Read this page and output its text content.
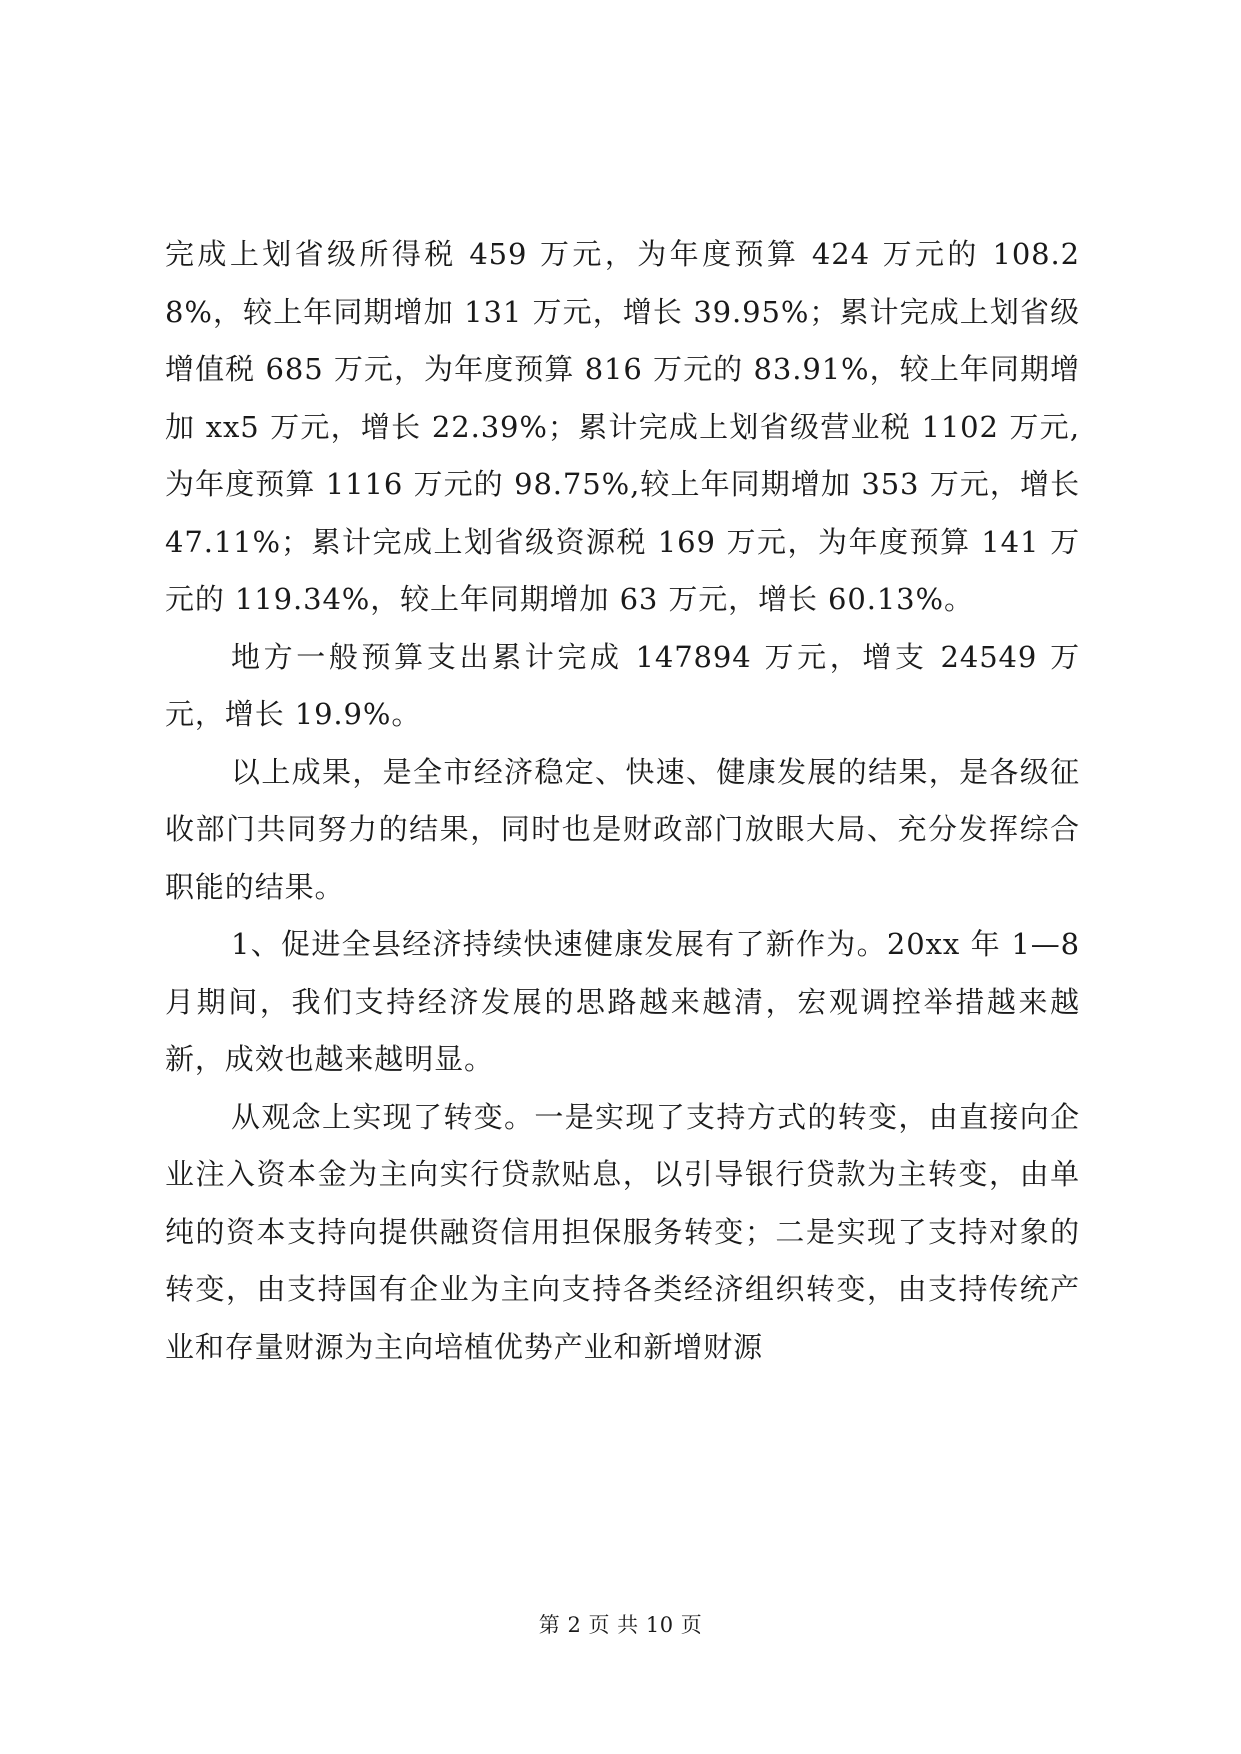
完成上划省级所得税 459 万元，为年度预算 424 万元的 108.28%，较上年同期增加 131 万元，增长 39.95%；累计完成上划省级增值税 685 万元，为年度预算 816 万元的 83.91%，较上年同期增加 xx5 万元，增长 22.39%；累计完成上划省级营业税 1102 万元,为年度预算 1116 万元的 98.75%,较上年同期增加 353 万元，增长 47.11%；累计完成上划省级资源税 169 万元，为年度预算 141 万元的 119.34%，较上年同期增加 63 万元，增长 60.13%。

地方一般预算支出累计完成 147894 万元，增支 24549 万元，增长 19.9%。

以上成果，是全市经济稳定、快速、健康发展的结果，是各级征收部门共同努力的结果，同时也是财政部门放眼大局、充分发挥综合职能的结果。

1、促进全县经济持续快速健康发展有了新作为。20xx 年 1—8 月期间，我们支持经济发展的思路越来越清，宏观调控举措越来越新，成效也越来越明显。

从观念上实现了转变。一是实现了支持方式的转变，由直接向企业注入资本金为主向实行贷款贴息，以引导银行贷款为主转变，由单纯的资本支持向提供融资信用担保服务转变；二是实现了支持对象的转变，由支持国有企业为主向支持各类经济组织转变，由支持传统产业和存量财源为主向培植优势产业和新增财源

第 2 页 共 10 页
